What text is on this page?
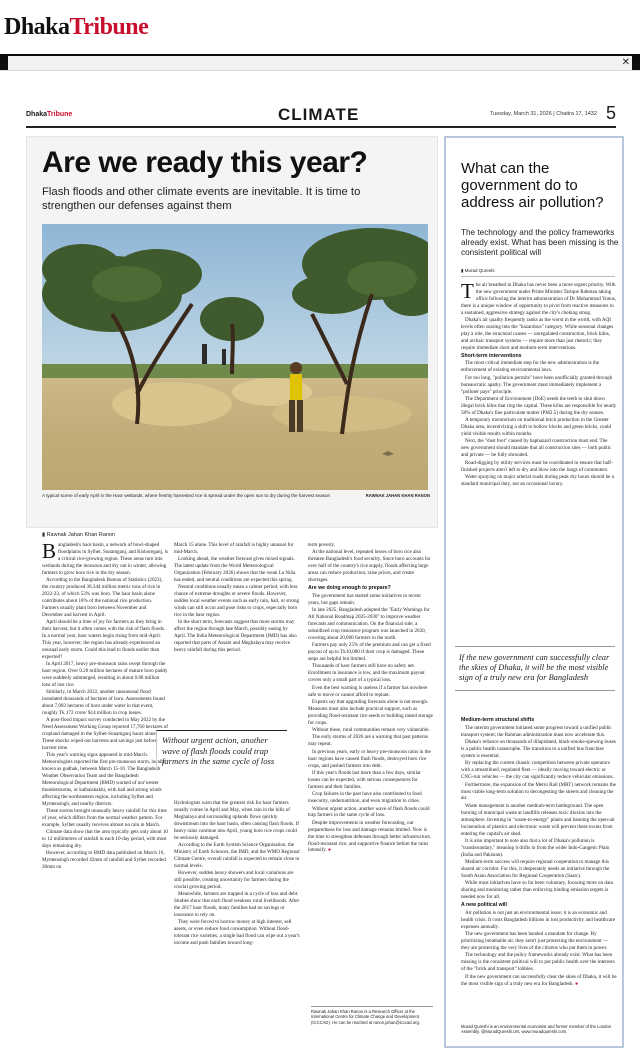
DhakaTribune
✕
DhakaTribune	CLIMATE	Tuesday, March 31, 2026 | Chaitra 17, 1432 5
Are we ready this year?
Flash floods and other climate events are inevitable. It is time to strengthen our defenses against them
A typical scene of early April in the Haor wetlands, where freshly harvested rice is spread under the open sun to dry during the harvest season	RAWNAK JAHAN KHAN RANON
▮ Rawnak Jahan Khan Ranon

Bangladesh's haor basin, a network of bowl-shaped floodplains in Sylhet, Sunamganj, and Kishoreganj, is a critical rice-growing region. These areas turn into wetlands during the monsoon and dry out in winter, allowing farmers to grow boro rice in the dry season.

According to the Bangladesh Bureau of Statistics (2023), the country produced 38.344 million metric tons of rice in 2022-23, of which 53% was boro. The haor basin alone contributes about 18% of the national rice production. Farmers usually plant boro between November and December and harvest in April.

April should be a time of joy for farmers as they bring in their harvest, but it often comes with the risk of flash floods. In a normal year, haor waters begin rising from mid-April. This year, however, the region has already experienced an unusual early storm. Could this lead to floods earlier than expected?

In April 2017, heavy pre-monsoon rains swept through the haor region. Over 0.20 million hectares of mature boro paddy were suddenly submerged, resulting in about 0.88 million tons of lost rice.

Similarly, in March 2022, another unseasonal flood inundated thousands of hectares of boro. Assessments found about 7,083 hectares of boro under water in that event, roughly Tk 172 crore/ $14 million in crop losses.

A post-flood impact survey conducted in May 2022 by the Need Assessment Working Group reported 17,760 hectares of cropland damaged in the Sylhet-Sunamganj haors alone. These shocks wiped out harvests and savings just before harvest time.

This year's warning signs appeared in mid-March. Meteorologists reported the first pre-monsoon storm, locally known as gudhak, between March 15-16. The Bangladesh Weather Observation Team and the Bangladesh Meteorological Department (BMD) warned of nor'wester thunderstorms, or kalbaishakhi, with hail and strong winds affecting the northeastern region, including Sylhet and Mymensingh, and nearby districts.

These storms brought unusually heavy rainfall for this time of year, which differs from the normal weather pattern. For example, Sylhet usually receives almost no rain in March.

Climate data show that the area typically gets only about 10 to 12 millimetres of rainfall in each 10-day period, with most days remaining dry.

However, according to BMD data published on March 16, Mymensingh recorded 42mm of rainfall and Sylhet recorded 36mm on

March 15 alone. This level of rainfall is highly unusual for mid-March.

Looking ahead, the weather forecast gives mixed signals. The latest update from the World Meteorological Organization (February 2026) shows that the weak La Niña has ended, and neutral conditions are expected this spring.

Neutral conditions usually mean a calmer period, with less chance of extreme droughts or severe floods. However, sudden local weather events such as early rain, hail, or strong winds can still occur and pose risks to crops, especially boro rice in the haor region.

In the short term, forecasts suggest that more storms may affect the region through late March, possibly easing by April. The India Meteorological Department (IMD) has also reported that parts of Assam and Meghalaya may receive heavy rainfall during this period.

Without urgent action, another wave of flash floods could trap farmers in the same cycle of loss

Hydrologists warn that the greatest risk for haor farmers usually comes in April and May, when rain in the hills of Meghalaya and surrounding uplands flows quickly downstream into the haor basin, often causing flash floods. If heavy rains continue into April, young boro rice crops could be seriously damaged.

According to the Earth System Science Organisation, the Ministry of Earth Sciences, the IMD, and the WMO Regional Climate Centre, overall rainfall is expected to remain close to normal levels.

However, sudden heavy showers and local variations are still possible, creating uncertainty for farmers during the crucial growing period.

Meanwhile, farmers are trapped in a cycle of loss and debt. Studies show that each flood weakens rural livelihoods. After the 2017 haor floods, many families had no savings or insurance to rely on.

They were forced to borrow money at high interest, sell assets, or even reduce food consumption. Without flood-tolerant rice varieties, a single bad flood can wipe out a year's income and push families toward long-

term poverty.

At the national level, repeated losses of boro rice also threaten Bangladesh's food security. Since boro accounts for over half of the country's rice supply, floods affecting large areas can reduce production, raise prices, and create shortages.

Are we doing enough to prepare?

The government has started some initiatives in recent years, but gaps remain.

In late 2025, Bangladesh adopted the "Early Warnings for All National Roadmap 2025-2030" to improve weather forecasts and communication. On the financial side, a subsidized crop insurance program was launched in 2020, covering about 20,000 farmers in the north.

Farmers pay only 25% of the premium and can get a fixed payout of up to Tk10,000 if their crop is damaged. These steps are helpful but limited.

Thousands of haor farmers still have no safety net. Enrollment in insurance is low, and the maximum payout covers only a small part of a typical loss.

Even the best warning is useless if a farmer has nowhere safe to move or cannot afford to replant.

Experts say that upgrading forecasts alone is not enough. Measures must also include practical support, such as providing flood-resistant rice seeds or building raised storage for crops.

Without these, rural communities remain very vulnerable.

The early storms of 2026 are a warning that past patterns may repeat.

In previous years, early or heavy pre-monsoon rains in the haor regions have caused flash floods, destroyed boro rice crops, and pushed farmers into debt.

If this year's floods last more than a few days, similar losses can be expected, with serious consequences for farmers and their families.

Crop failures in the past have also contributed to food insecurity, undernutrition, and even migration to cities.

Without urgent action, another wave of flash floods could trap farmers in the same cycle of loss.

Despite improvements in weather forecasting, our preparedness for loss and damage remains limited. Now is the time to strengthen defenses through better infrastructure, flood-resistant rice, and supportive finance before the rains intensify. ●

Rawnak Jahan Khan Ranon is a Research Officer at the International Centre for Climate Change and Development (ICCCAD). He can be reached at ranon.jahan@icccad.org.
What can the government do to address air pollution?
The technology and the policy frameworks already exist. What has been missing is the consistent political will
▮ Murad Qureshi

The air breathed in Dhaka has never been a more urgent priority. With the new government under Prime Minister Tarique Rahman taking office following the interim administration of Dr Muhammad Yunus, there is a unique window of opportunity to pivot from reactive measures to a sustained, aggressive strategy against the city's choking smog.

Dhaka's air quality frequently ranks as the worst in the world, with AQI levels often soaring into the "hazardous" category. While seasonal changes play a role, the structural causes — unregulated construction, brick kilns, and archaic transport systems — require more than just rhetoric; they require immediate short and medium-term interventions.

Short-term interventions

The most critical immediate step for the new administration is the enforcement of existing environmental laws.

For too long, "pollution permits" have been unofficially granted through bureaucratic apathy. The government must immediately implement a "polluter pays" principle.

The Department of Environment (DoE) needs the teeth to shut down illegal brick kilns that ring the capital. These kilns are responsible for nearly 58% of Dhaka's fine particulate matter (PM2.5) during the dry season.

A temporary moratorium on traditional brick production in the Greater Dhaka area, incentivizing a shift to hollow blocks and green bricks, could yield visible results within months.

Next, the "dust foot" caused by haphazard construction must end. The new government should mandate that all construction sites — both public and private — be fully shrouded.

Road-digging by utility services must be coordinated to ensure that half-finished projects aren't left to dry and blow into the lungs of commuters.

Water spraying on major arterial roads during peak dry hours should be a standard municipal duty, not an occasional luxury.

If the new government can successfully clear the skies of Dhaka, it will be the most visible sign of a truly new era for Bangladesh
Medium-term structural shifts

The interim government initiated some progress toward a unified public transport system; the Rahman administration must now accelerate this.

Dhaka's reliance on thousands of dilapidated, black-smoke-spewing buses is a public health catastrophe. The transition to a unified bus franchise system is essential.

By replacing the current chaotic competition between private operators with a streamlined, regulated fleet — ideally moving toward electric or CNG-run vehicles — the city can significantly reduce vehicular emissions.

Furthermore, the expansion of the Metro Rail (MRT) network remains the most viable long-term solution to decongesting the streets and cleaning the air.

Waste management is another medium-term battleground. The open burning of municipal waste at landfills releases toxic dioxins into the atmosphere. Investing in "waste-to-energy" plants and banning the open-air incineration of plastics and electronic waste will prevent these toxins from entering the capital's air shed.

It is also important to note also that a lot of Dhaka's pollution is "transboundary," meaning it drifts in from the wider Indo-Gangetic Plain (India and Pakistan).

Medium-term success will require regional cooperation to manage this shared air corridor. For this, it desperately needs an initiative through the South Asian Association for Regional Cooperation (Saarc).

While most initiatives have so far been voluntary, focusing more on data sharing and monitoring rather than enforcing binding emission targets is needed now for all.

A new political will

Air pollution is not just an environmental issue; it is an economic and health crisis. It costs Bangladesh billions in lost productivity and healthcare expenses annually.

The new government has been handed a mandate for change. By prioritizing breathable air, they aren't just protecting the environment — they are protecting the very lives of the citizens who put them in power.

The technology and the policy frameworks already exist. What has been missing is the consistent political will to put public health over the interests of the "brick and transport" lobbies.

If the new government can successfully clear the skies of Dhaka, it will be the most visible sign of a truly new era for Bangladesh. ●

Murad Qureshi is an environmental economist and former member of the London Assembly. @MuradQureshi.UN, www.muradqureshi.com.
